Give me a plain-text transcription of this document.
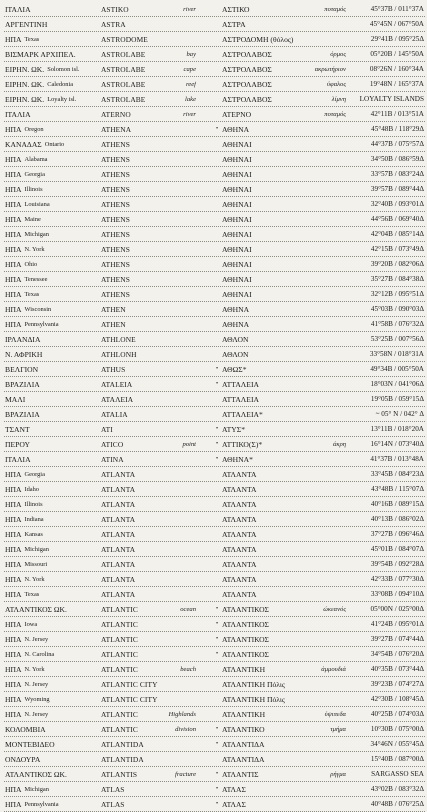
ΙΤΑΛΙΑ	ASTIKO	river	ΑΣΤΙΚΟ	ποταμός	45°37B / 011°37A
ΑΡΓΕΝΤΙΝΗ	ASTRA	ΑΣΤΡΑ	45°45N / 067°50A
ΗΠΑ Texas	ASTRODOME	ΑΣΤΡΟΔΟΜΗ (θόλος)	29°41B / 095°25Δ
ΒΙΣΜΑΡΚ ΑΡΧΙΠΕΛ.	ASTROLABE	bay	ΑΣΤΡΟΛΑΒΟΣ	όρμος	05°20B / 145°50A
ΕΙΡΗΝ. ΩΚ. Solomon isl.	ASTROLABE	cape	ΑΣΤΡΟΛΑΒΟΣ	ακρωτήριον	08°26N / 160°34A
ΕΙΡΗΝ. ΩΚ. Caledonia	ASTROLABE	reef	ΑΣΤΡΟΛΑΒΟΣ	ύφαλος	19°48N / 165°37A
ΕΙΡΗΝ. ΩΚ. Loyalty isl.	ASTROLABE	lake	ΑΣΤΡΟΛΑΒΟΣ	λίμνη	LOYALTY ISLANDS
ΙΤΑΛΙΑ	ATERNO	river	ΑΤΕΡΝΟ	ποταμός	42°11B / 013°51A
ΗΠΑ Oregon	ATHENA	• ΑΘΗΝΑ	45°48B / 118°29Δ
ΚΑΝΑΔΑΣ Ontario	ATHENS	ΑΘΗΝΑΙ	44°37B / 075°57Δ
ΗΠΑ Alabama	ATHENS	ΑΘΗΝΑΙ	34°50B / 086°59Δ
ΗΠΑ Georgia	ATHENS	ΑΘΗΝΑΙ	33°57B / 083°24Δ
ΗΠΑ Illinois	ATHENS	ΑΘΗΝΑΙ	39°57B / 089°44Δ
ΗΠΑ Louisiana	ATHENS	ΑΘΗΝΑΙ	32°40B / 093°01Δ
ΗΠΑ Maine	ATHENS	ΑΘΗΝΑΙ	44°56B / 069°40Δ
ΗΠΑ Michigan	ATHENS	ΑΘΗΝΑΙ	42°04B / 085°14Δ
ΗΠΑ N. York	ATHENS	ΑΘΗΝΑΙ	42°15B / 073°49Δ
ΗΠΑ Ohio	ATHENS	ΑΘΗΝΑΙ	39°20B / 082°06Δ
ΗΠΑ Tenessee	ATHENS	ΑΘΗΝΑΙ	35°27B / 084°38Δ
ΗΠΑ Texas	ATHENS	ΑΘΗΝΑΙ	32°12B / 095°51Δ
ΗΠΑ Wisconsin	ATHEN	ΑΘΗΝΑ	45°03B / 090°03Δ
ΗΠΑ Pennsylvania	ATHEN	ΑΘΗΝΑ	41°58B / 076°32Δ
ΙΡΛΑΝΔΙΑ	ATHLONE	ΑΘΛΟΝ	53°25B / 007°56Δ
Ν. ΑΦΡΙΚΗ	ATHLONH	ΑΘΛΟΝ	33°58N / 018°31A
ΒΕΛΓΙΟΝ	ATHUS	• ΑΘΩΣ*	49°34B / 005°50A
ΒΡΑΖΙΛΙΑ	ATALEIA	• ΑΤΤΑΛΕΙΑ	18°03N / 041°06Δ
ΜΑΛΙ	ATAΛEIA	ΑΤΤΑΛΕΙΑ	19°05B / 059°15Δ
ΒΡΑΖΙΛΙΑ	ATALIA	ΑΤΤΑΛΕΙΑ*	~ 05° N / 042° Δ
ΤΣΑΝΤ	ATI	• ΑΤΥΣ*	13°11B / 018°20A
ΠΕΡΟΥ	ATICO	point	• ΑΤΤΙΚΟ(Σ)*	άκρη	16°14N / 073°40Δ
ΙΤΑΛΙΑ	ATINA	• ΑΘΗΝΑ*	41°37B / 013°48A
ΗΠΑ Georgia	ATLANTA	ΑΤΛΑΝΤΑ	33°45B / 084°23Δ
ΗΠΑ Idaho	ATLANTA	ΑΤΛΑΝΤΑ	43°48B / 115°07Δ
ΗΠΑ Illinois	ATLANTA	ΑΤΛΑΝΤΑ	40°16B / 089°15Δ
ΗΠΑ Indiana	ATLANTA	ΑΤΛΑΝΤΑ	40°13B / 086°02Δ
ΗΠΑ Kansas	ATLANTA	ΑΤΛΑΝΤΑ	37°27B / 096°46Δ
ΗΠΑ Michigan	ATLANTA	ΑΤΛΑΝΤΑ	45°01B / 084°07Δ
ΗΠΑ Missouri	ATLANTA	ΑΤΛΑΝΤΑ	39°54B / 092°28Δ
ΗΠΑ N. York	ATLANTA	ΑΤΛΑΝΤΑ	42°33B / 077°30Δ
ΗΠΑ Texas	ATLANTA	ΑΤΛΑΝΤΑ	33°08B / 094°10Δ
ΑΤΛΑΝΤΙΚΟΣ ΩΚ.	ATLANTIC	ocean	• ΑΤΛΑΝΤΙΚΟΣ	ώκεανός	05°00N / 025°00Δ
ΗΠΑ Iowa	ATLANTIC	• ΑΤΛΑΝΤΙΚΟΣ	41°24B / 095°01Δ
ΗΠΑ N. Jersey	ATLANTIC	• ΑΤΛΑΝΤΙΚΟΣ	39°27B / 074°44Δ
ΗΠΑ N. Carolina	ATLANTIC	• ΑΤΛΑΝΤΙΚΟΣ	34°54B / 076°20Δ
ΗΠΑ N. York	ATLANTIC	beach	ΑΤΛΑΝΤΙΚΗ	άμμουδιά	40°35B / 073°44Δ
ΗΠΑ N. Jersey	ATLANTIC CITY	ΑΤΛΑΝΤΙΚΗ Πόλις	39°23B / 074°27Δ
ΗΠΑ Wyoming	ATLANTIC CITY	ΑΤΛΑΝΤΙΚΗ Πόλις	42°30B / 108°45Δ
ΗΠΑ N. Jersey	ATLANTIC	Highlands	ΑΤΛΑΝΤΙΚΗ	ύψιπεδα	40°25B / 074°03Δ
ΚΟΛΟΜΒΙΑ	ATLANTIC	division	• ΑΤΛΑΝΤΙΚΟ	τμήμα	10°30B / 075°00Δ
ΜΟΝΤΕΒΙΔΕΟ	ATLANTIDA	• ΑΤΛΑΝΤΙΔΑ	34°46N / 055°45Δ
ΟΝΔΟΥΡΑ	ATLANTIDA	ΑΤΛΑΝΤΙΔΑ	15°40B / 087°00Δ
ΑΤΛΑΝΤΙΚΟΣ ΩΚ.	ATLANTIS	fracture	• ΑΤΛΑΝΤΙΣ	ρήγμα	SARGASSO SEA
ΗΠΑ Michigan	ATLAS	• ΑΤΛΑΣ	43°02B / 083°32Δ
ΗΠΑ Pennsylvania	ATLAS	• ΑΤΛΑΣ	40°48B / 076°25Δ
